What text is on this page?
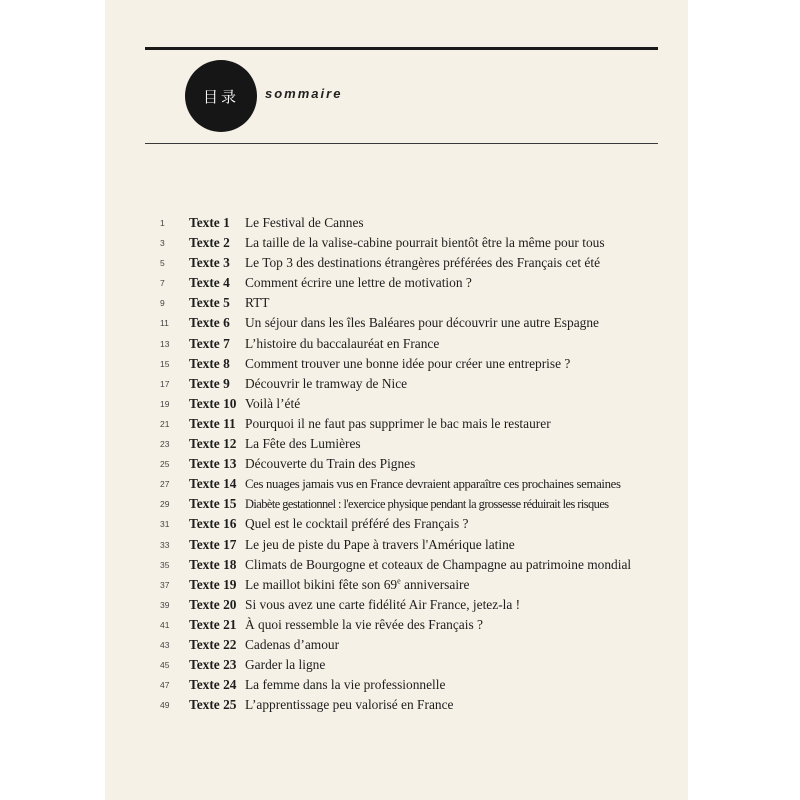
目录 sommaire
1	Texte 1 Le Festival de Cannes
3	Texte 2 La taille de la valise-cabine pourrait bientôt être la même pour tous
5	Texte 3 Le Top 3 des destinations étrangères préférées des Français cet été
7	Texte 4 Comment écrire une lettre de motivation ?
9	Texte 5 RTT
11	Texte 6 Un séjour dans les îles Baléares pour découvrir une autre Espagne
13	Texte 7 L’histoire du baccalauréat en France
15	Texte 8 Comment trouver une bonne idée pour créer une entreprise ?
17	Texte 9 Découvrir le tramway de Nice
19	Texte 10 Voilà l’été
21	Texte 11 Pourquoi il ne faut pas supprimer le bac mais le restaurer
23	Texte 12 La Fête des Lumières
25	Texte 13 Découverte du Train des Pignes
27	Texte 14 Ces nuages jamais vus en France devraient apparaître ces prochaines semaines
29	Texte 15 Diabète gestationnel : l'exercice physique pendant la grossesse réduirait les risques
31	Texte 16 Quel est le cocktail préféré des Français ?
33	Texte 17 Le jeu de piste du Pape à travers l'Amérique latine
35	Texte 18 Climats de Bourgogne et coteaux de Champagne au patrimoine mondial
37	Texte 19 Le maillot bikini fête son 69e anniversaire
39	Texte 20 Si vous avez une carte fidélité Air France, jetez-la !
41	Texte 21 À quoi ressemble la vie rêvée des Français ?
43	Texte 22 Cadenas d’amour
45	Texte 23 Garder la ligne
47	Texte 24 La femme dans la vie professionnelle
49	Texte 25 L’apprentissage peu valorisé en France
